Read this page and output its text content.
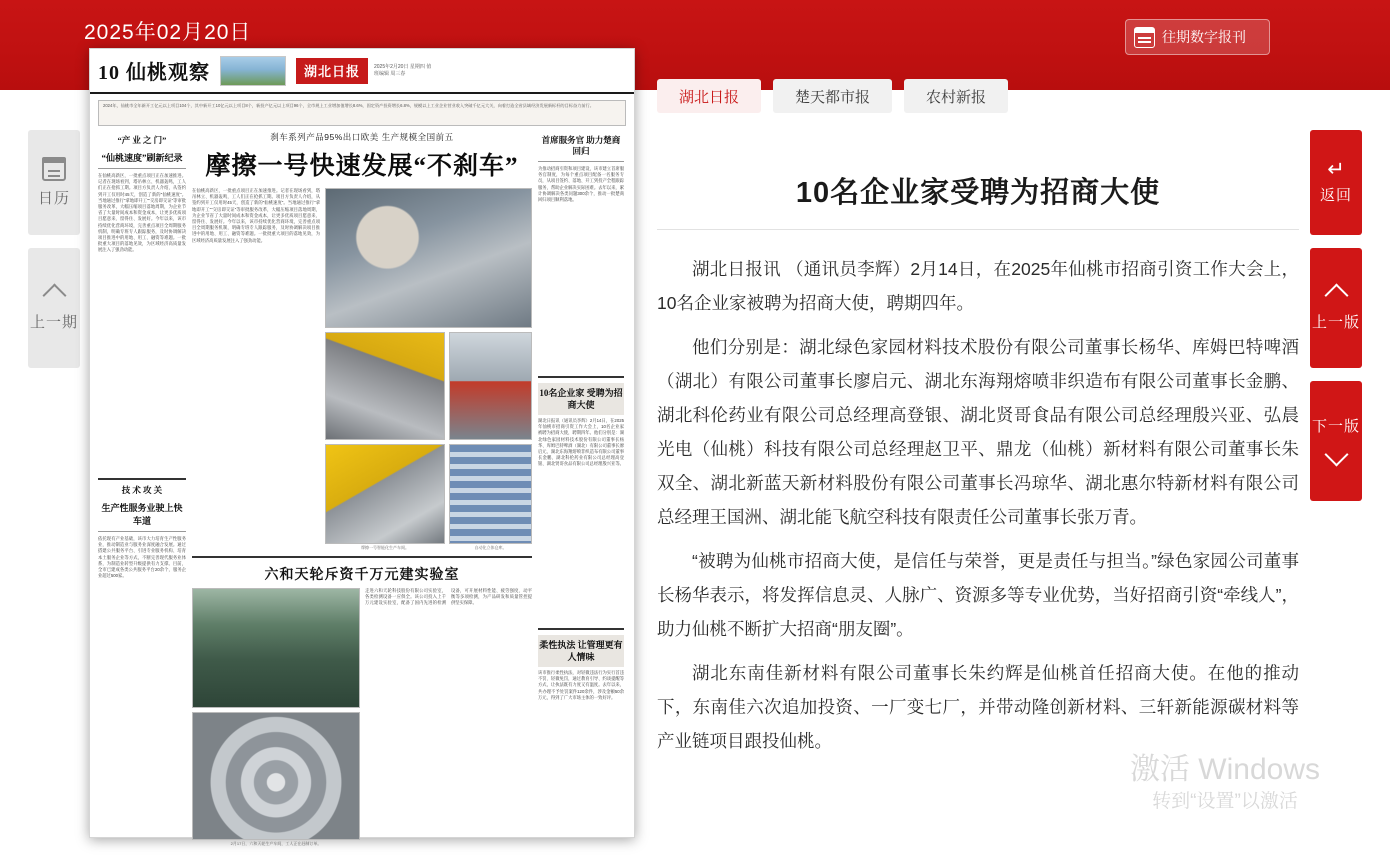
2025年02月20日	往期数字报刊
日历
上一期
↵
返回
上一版
下一版
10 仙桃观察	湖北日报	2025年2月20日 星期四 值班编辑 周三春
2024年，仙桃市全年新开工亿元以上项目104个，其中新开工10亿元以上项目8个，新投产亿元以上项目96个，全市规上工业增加值增长8.6%，固定资产投资增长6.8%，规模以上工业企业营业收入突破千亿元大关，向着打造全省县域经济发展新标杆的目标奋力前行。
“产 业 之 门”
“仙桃速度”刷新纪录
在仙桃高新区，一批重点项目正在加速推进。记者在现场看到，塔吊林立、机器轰鸣，工人们正在抢抓工期。项目方负责人介绍，从签约到开工仅用时45天，创造了新的“仙桃速度”。当地通过推行“拿地即开工”“交房即交证”等审批服务改革，大幅压缩项目落地周期，为企业节省了大量时间成本和资金成本，让更多优质项目愿意来、留得住、发展好。今年以来，该市持续优化营商环境，完善重点项目全周期服务机制，明确专班专人跟踪服务，及时协调解决项目推进中的用地、用工、融资等难题。一批批重大项目的落地见效，为区域经济高质量发展注入了强劲动能。
技 术 攻 关
生产性服务业驶上快车道
依托现有产业基础，该市大力培育生产性服务业，推动制造业与服务业深度融合发展。通过搭建公共服务平台、引进专业服务机构、培育本土服务企业等方式，不断完善现代服务业体系，为制造业转型升级提供有力支撑。目前，全市已建成各类公共服务平台20余个，服务企业超过500家。
刹车系列产品95%出口欧美 生产规模全国前五
摩擦一号快速发展“不刹车”
在仙桃高新区，一批重点项目正在加速推进。记者在现场看到，塔吊林立、机器轰鸣，工人们正在抢抓工期。项目方负责人介绍，从签约到开工仅用时45天，创造了新的“仙桃速度”。当地通过推行“拿地即开工”“交房即交证”等审批服务改革，大幅压缩项目落地周期，为企业节省了大量时间成本和资金成本，让更多优质项目愿意来、留得住、发展好。今年以来，该市持续优化营商环境，完善重点项目全周期服务机制，明确专班专人跟踪服务，及时协调解决项目推进中的用地、用工、融资等难题。一批批重大项目的落地见效，为区域经济高质量发展注入了强劲动能。
摩擦一号智能化生产车间。	自动化立体仓库。
六和天轮斥资千万元建实验室
2月17日，六和天轮生产车间，工人正在赶制订单。
走进六和天轮科技股份有限公司实验室，各类检测设备一应俱全。该公司投入上千万元建设实验室，配备了国内先进的检测设备，可开展材料性能、疲劳强度、动平衡等多项检测，为产品研发和质量管控提供坚实保障。
首席服务官 助力楚商回归
为推动招商引资和项目建设，该市建立首席服务官制度，为每个重点项目配备一名服务专员，从项目签约、落地、开工到投产全程跟踪服务，帮助企业解决实际困难。去年以来，累计协调解决各类问题300余个，推动一批楚商回归项目顺利落地。
10名企业家 受聘为招商大使
湖北日报讯（通讯员李辉）2月14日，在2025年仙桃市招商引资工作大会上，10名企业家被聘为招商大使，聘期四年。他们分别是：湖北绿色家园材料技术股份有限公司董事长杨华、库姆巴特啤酒（湖北）有限公司董事长廖启元、湖北东海翔熔喷非织造布有限公司董事长金鹏、湖北科伦药业有限公司总经理高登银、湖北贤哥食品有限公司总经理殷兴亚等。
柔性执法 让管理更有人情味
该市推行柔性执法，对轻微违法行为实行首违不罚、轻微免罚，通过教育引导、约谈提醒等方式，让执法既有力度又有温度。去年以来，共办理不予处罚案件120余件，涉及金额50余万元，得到了广大市场主体的一致好评。
湖北日报	楚天都市报	农村新报
10名企业家受聘为招商大使

湖北日报讯 （通讯员李辉）2月14日，在2025年仙桃市招商引资工作大会上，10名企业家被聘为招商大使，聘期四年。

他们分别是：湖北绿色家园材料技术股份有限公司董事长杨华、库姆巴特啤酒（湖北）有限公司董事长廖启元、湖北东海翔熔喷非织造布有限公司董事长金鹏、湖北科伦药业有限公司总经理高登银、湖北贤哥食品有限公司总经理殷兴亚、弘晨光电（仙桃）科技有限公司总经理赵卫平、鼎龙（仙桃）新材料有限公司董事长朱双全、湖北新蓝天新材料股份有限公司董事长冯琼华、湖北惠尔特新材料有限公司总经理王国洲、湖北能飞航空科技有限责任公司董事长张万青。

“被聘为仙桃市招商大使，是信任与荣誉，更是责任与担当。”绿色家园公司董事长杨华表示，将发挥信息灵、人脉广、资源多等专业优势，当好招商引资“牵线人”，助力仙桃不断扩大招商“朋友圈”。

湖北东南佳新材料有限公司董事长朱约辉是仙桃首任招商大使。在他的推动下，东南佳六次追加投资、一厂变七厂，并带动隆创新材料、三轩新能源碳材料等产业链项目跟投仙桃。

激活 Windows
转到“设置”以激活
